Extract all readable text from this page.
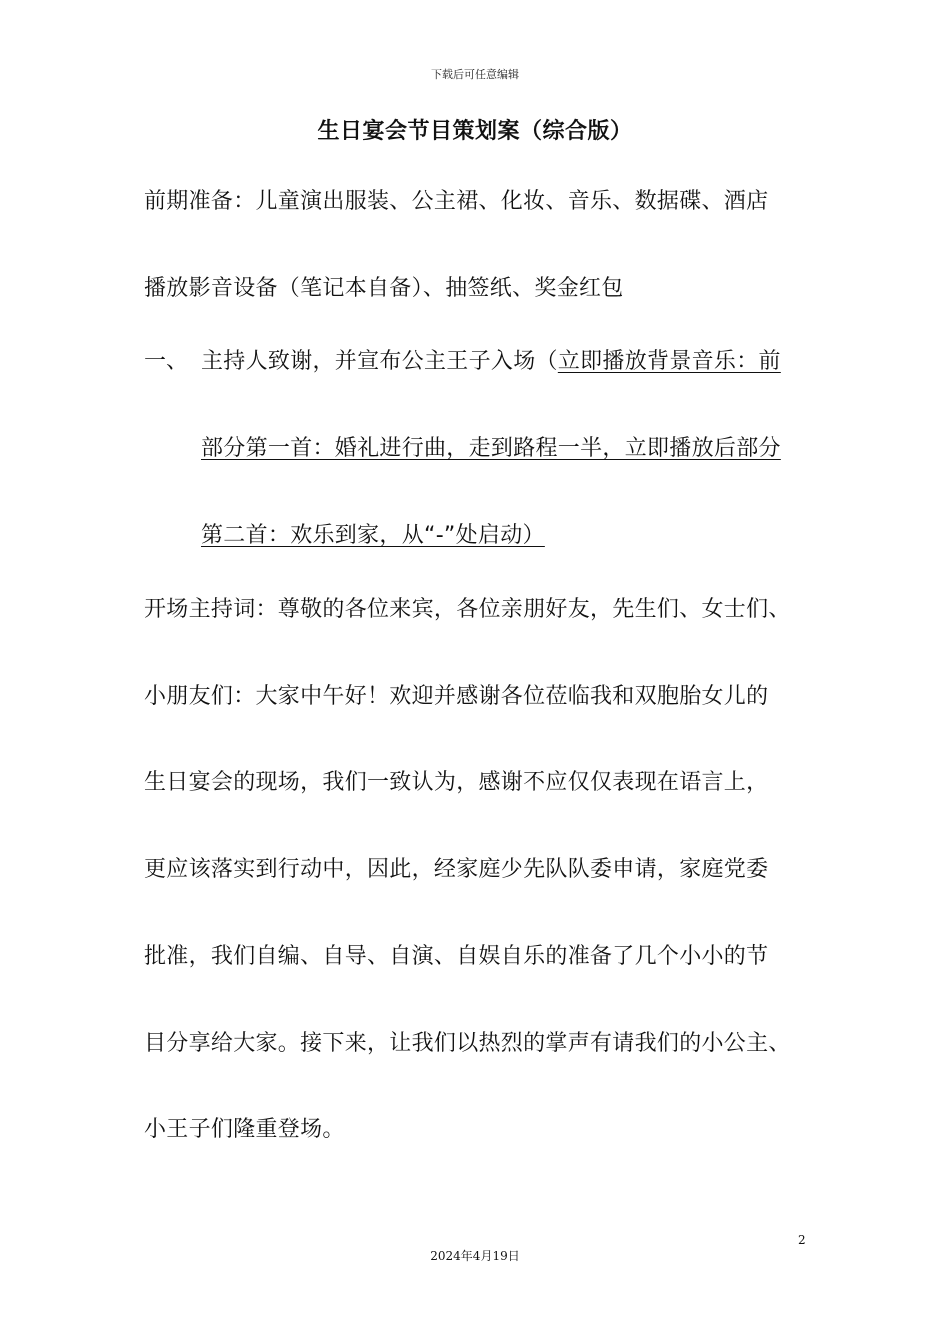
下载后可任意编辑
生日宴会节目策划案（综合版）
前期准备：儿童演出服装、公主裙、化妆、音乐、数据碟、酒店
播放影音设备（笔记本自备）、抽签纸、奖金红包
一、 主持人致谢，并宣布公主王子入场（立即播放背景音乐：前
部分第一首：婚礼进行曲，走到路程一半，立即播放后部分
第二首：欢乐到家，从“-”处启动）
开场主持词：尊敬的各位来宾，各位亲朋好友，先生们、女士们、
小朋友们：大家中午好！欢迎并感谢各位莅临我和双胞胎女儿的
生日宴会的现场，我们一致认为，感谢不应仅仅表现在语言上，
更应该落实到行动中，因此，经家庭少先队队委申请，家庭党委
批准，我们自编、自导、自演、自娱自乐的准备了几个小小的节
目分享给大家。接下来，让我们以热烈的掌声有请我们的小公主、
小王子们隆重登场。
2
2024年4月19日
